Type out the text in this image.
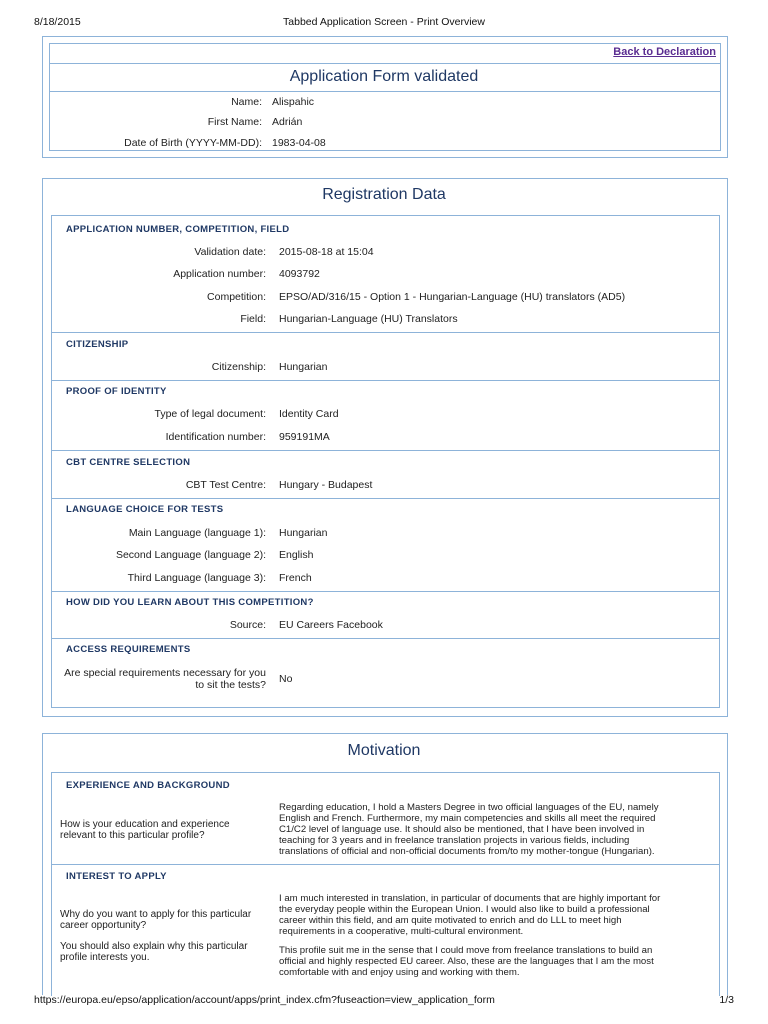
8/18/2015	Tabbed Application Screen - Print Overview
Back to Declaration
Application Form validated
Name: Alispahic
First Name: Adrián
Date of Birth (YYYY-MM-DD): 1983-04-08
Registration Data
APPLICATION NUMBER, COMPETITION, FIELD
Validation date: 2015-08-18 at 15:04
Application number: 4093792
Competition: EPSO/AD/316/15 - Option 1 - Hungarian-Language (HU) translators (AD5)
Field: Hungarian-Language (HU) Translators
CITIZENSHIP
Citizenship: Hungarian
PROOF OF IDENTITY
Type of legal document: Identity Card
Identification number: 959191MA
CBT CENTRE SELECTION
CBT Test Centre: Hungary - Budapest
LANGUAGE CHOICE FOR TESTS
Main Language (language 1): Hungarian
Second Language (language 2): English
Third Language (language 3): French
HOW DID YOU LEARN ABOUT THIS COMPETITION?
Source: EU Careers Facebook
ACCESS REQUIREMENTS
Are special requirements necessary for you
to sit the tests? No
Motivation
EXPERIENCE AND BACKGROUND
How is your education and experience
relevant to this particular profile?
Regarding education, I hold a Masters Degree in two official languages of the EU, namely
English and French. Furthermore, my main competencies and skills all meet the required
C1/C2 level of language use. It should also be mentioned, that I have been involved in
teaching for 3 years and in freelance translation projects in various fields, including
translations of official and non-official documents from/to my mother-tongue (Hungarian).
INTEREST TO APPLY
Why do you want to apply for this particular
career opportunity?
You should also explain why this particular
profile interests you.
I am much interested in translation, in particular of documents that are highly important for
the everyday people within the European Union. I would also like to build a professional
career within this field, and am quite motivated to enrich and do LLL to meet high
requirements in a cooperative, multi-cultural environment.
This profile suit me in the sense that I could move from freelance translations to build an
official and highly respected EU career. Also, these are the languages that I am the most
comfortable with and enjoy using and working with them.
https://europa.eu/epso/application/account/apps/print_index.cfm?fuseaction=view_application_form	1/3
